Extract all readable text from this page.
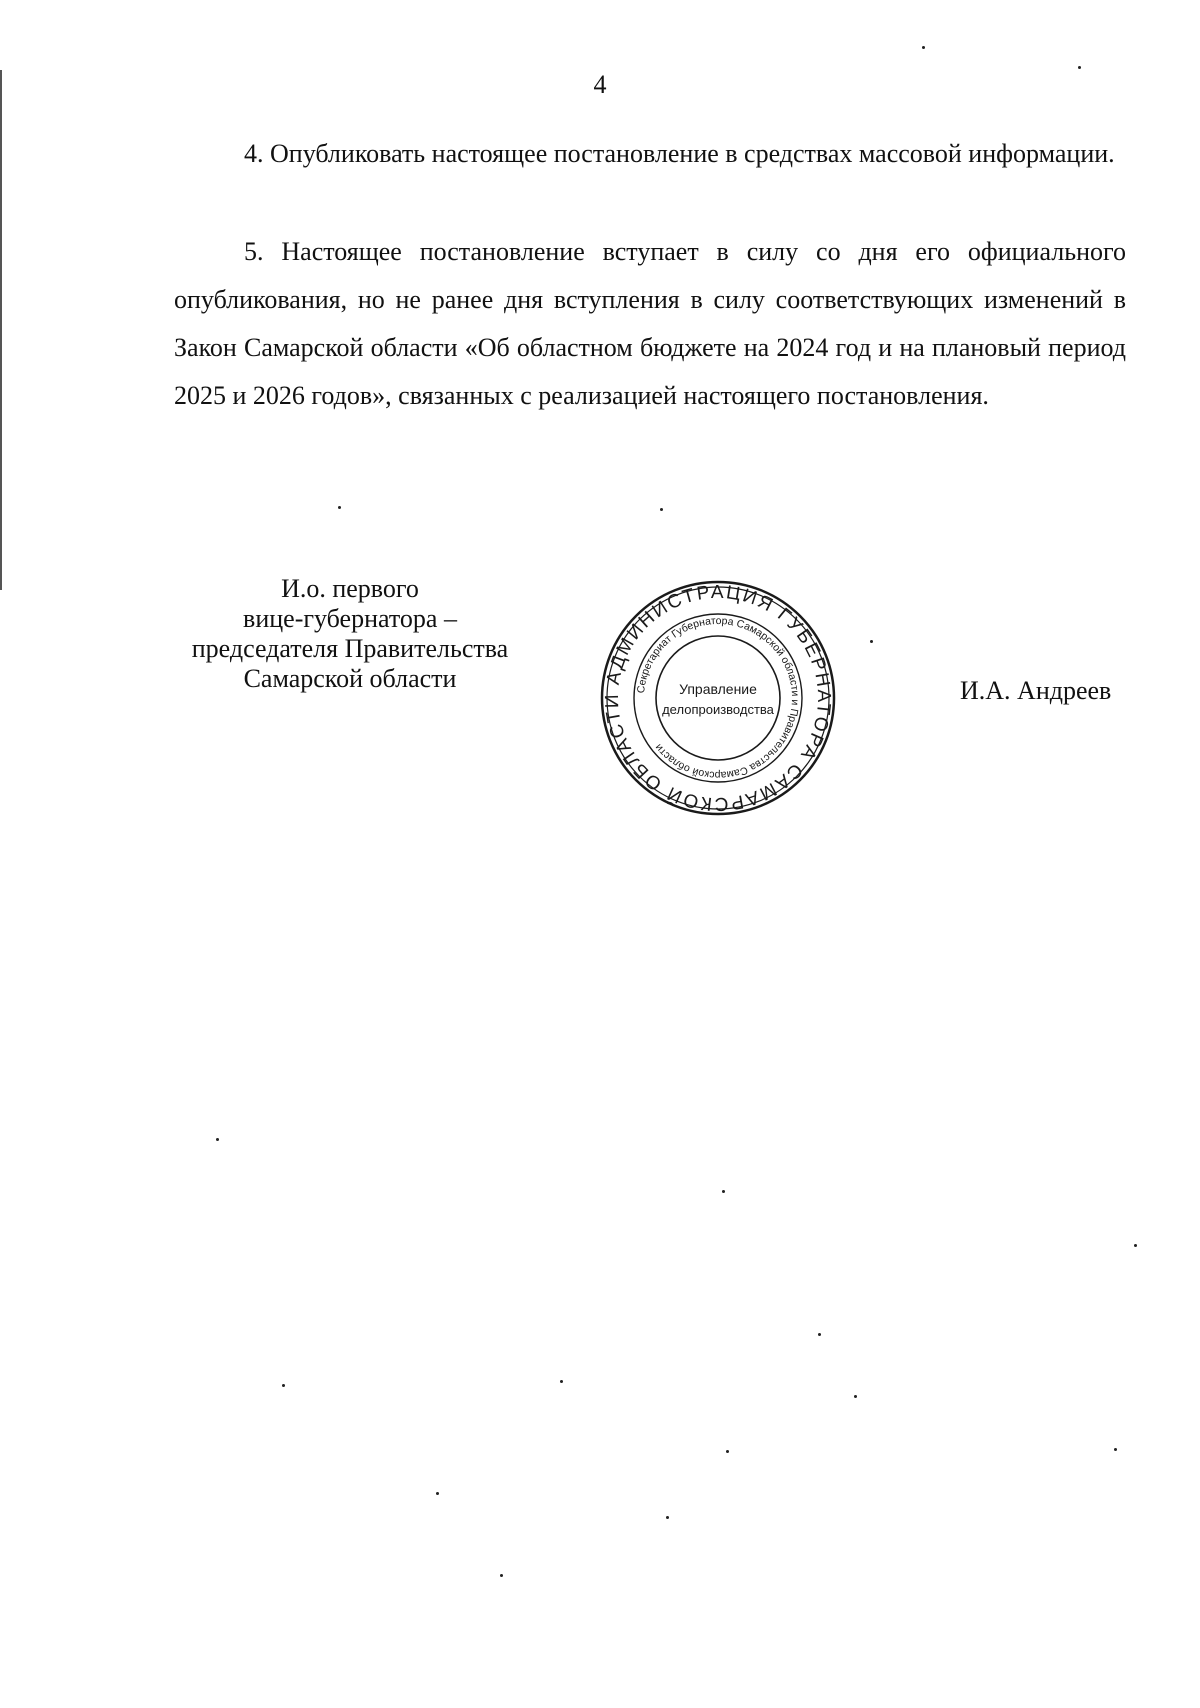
4

4. Опубликовать настоящее постановление в средствах массовой информации.

5. Настоящее постановление вступает в силу со дня его официального опубликования, но не ранее дня вступления в силу соответствующих изменений в Закон Самарской области «Об областном бюджете на 2024 год и на плановый период 2025 и 2026 годов», связанных с реализацией настоящего постановления.

И.о. первого
вице-губернатора –
председателя Правительства
Самарской области	АДМИНИСТРАЦИЯ ГУБЕРНАТОРА САМАРСКОЙ ОБЛАСТИ
Секретариат Губернатора Самарской области и Правительства Самарской области
Управление
делопроизводства
И.А. Андреев
